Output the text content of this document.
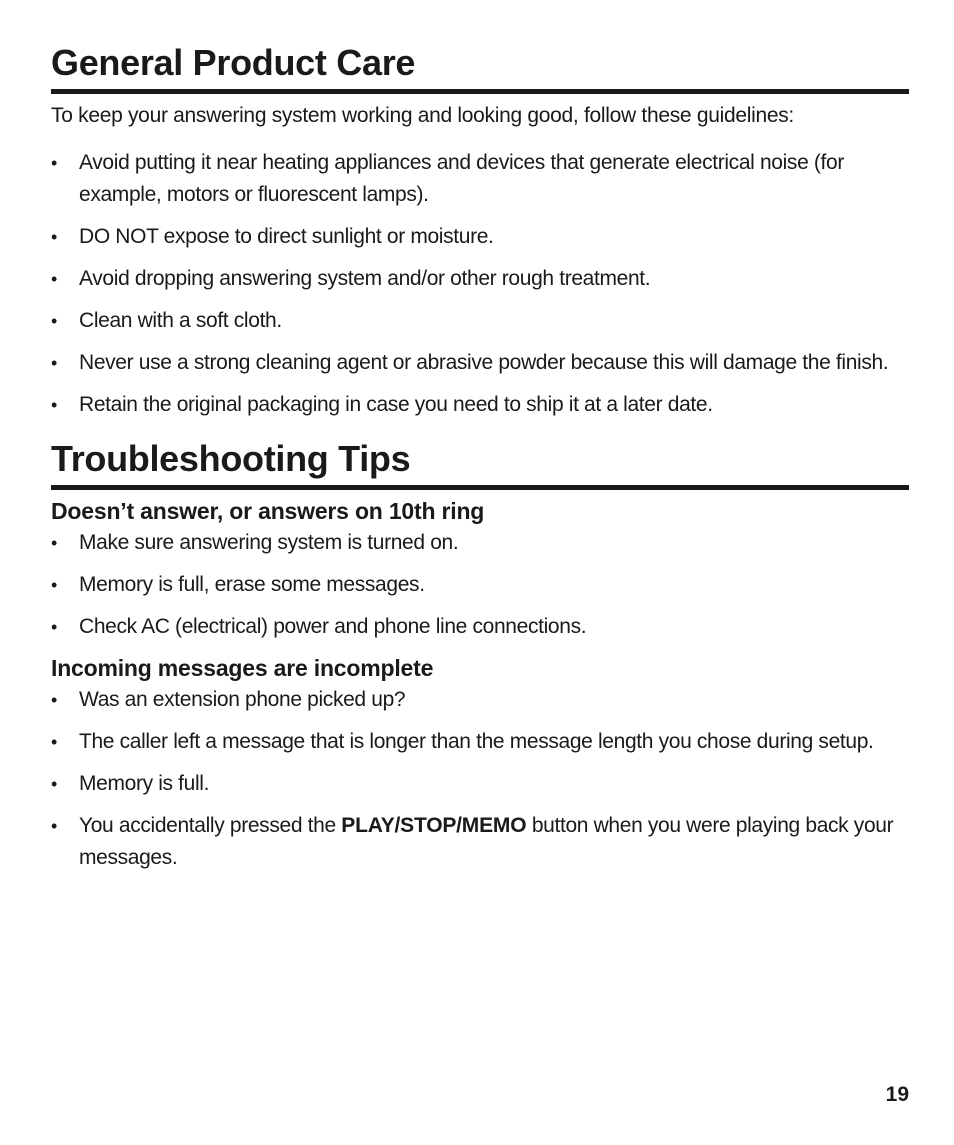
General Product Care

To keep your answering system working and looking good, follow these guidelines:

• Avoid putting it near heating appliances and devices that generate electrical noise (for example, motors or fluorescent lamps).
• DO NOT expose to direct sunlight or moisture.
• Avoid dropping answering system and/or other rough treatment.
• Clean with a soft cloth.
• Never use a strong cleaning agent or abrasive powder because this will damage the finish.
• Retain the original packaging in case you need to ship it at a later date.
Troubleshooting Tips
Doesn’t answer, or answers on 10th ring
• Make sure answering system is turned on.
• Memory is full, erase some messages.
• Check AC (electrical) power and phone line connections.
Incoming messages are incomplete
• Was an extension phone picked up?
• The caller left a message that is longer than the message length you chose during setup.
• Memory is full.
• You accidentally pressed the PLAY/STOP/MEMO button when you were playing back your messages.
19
